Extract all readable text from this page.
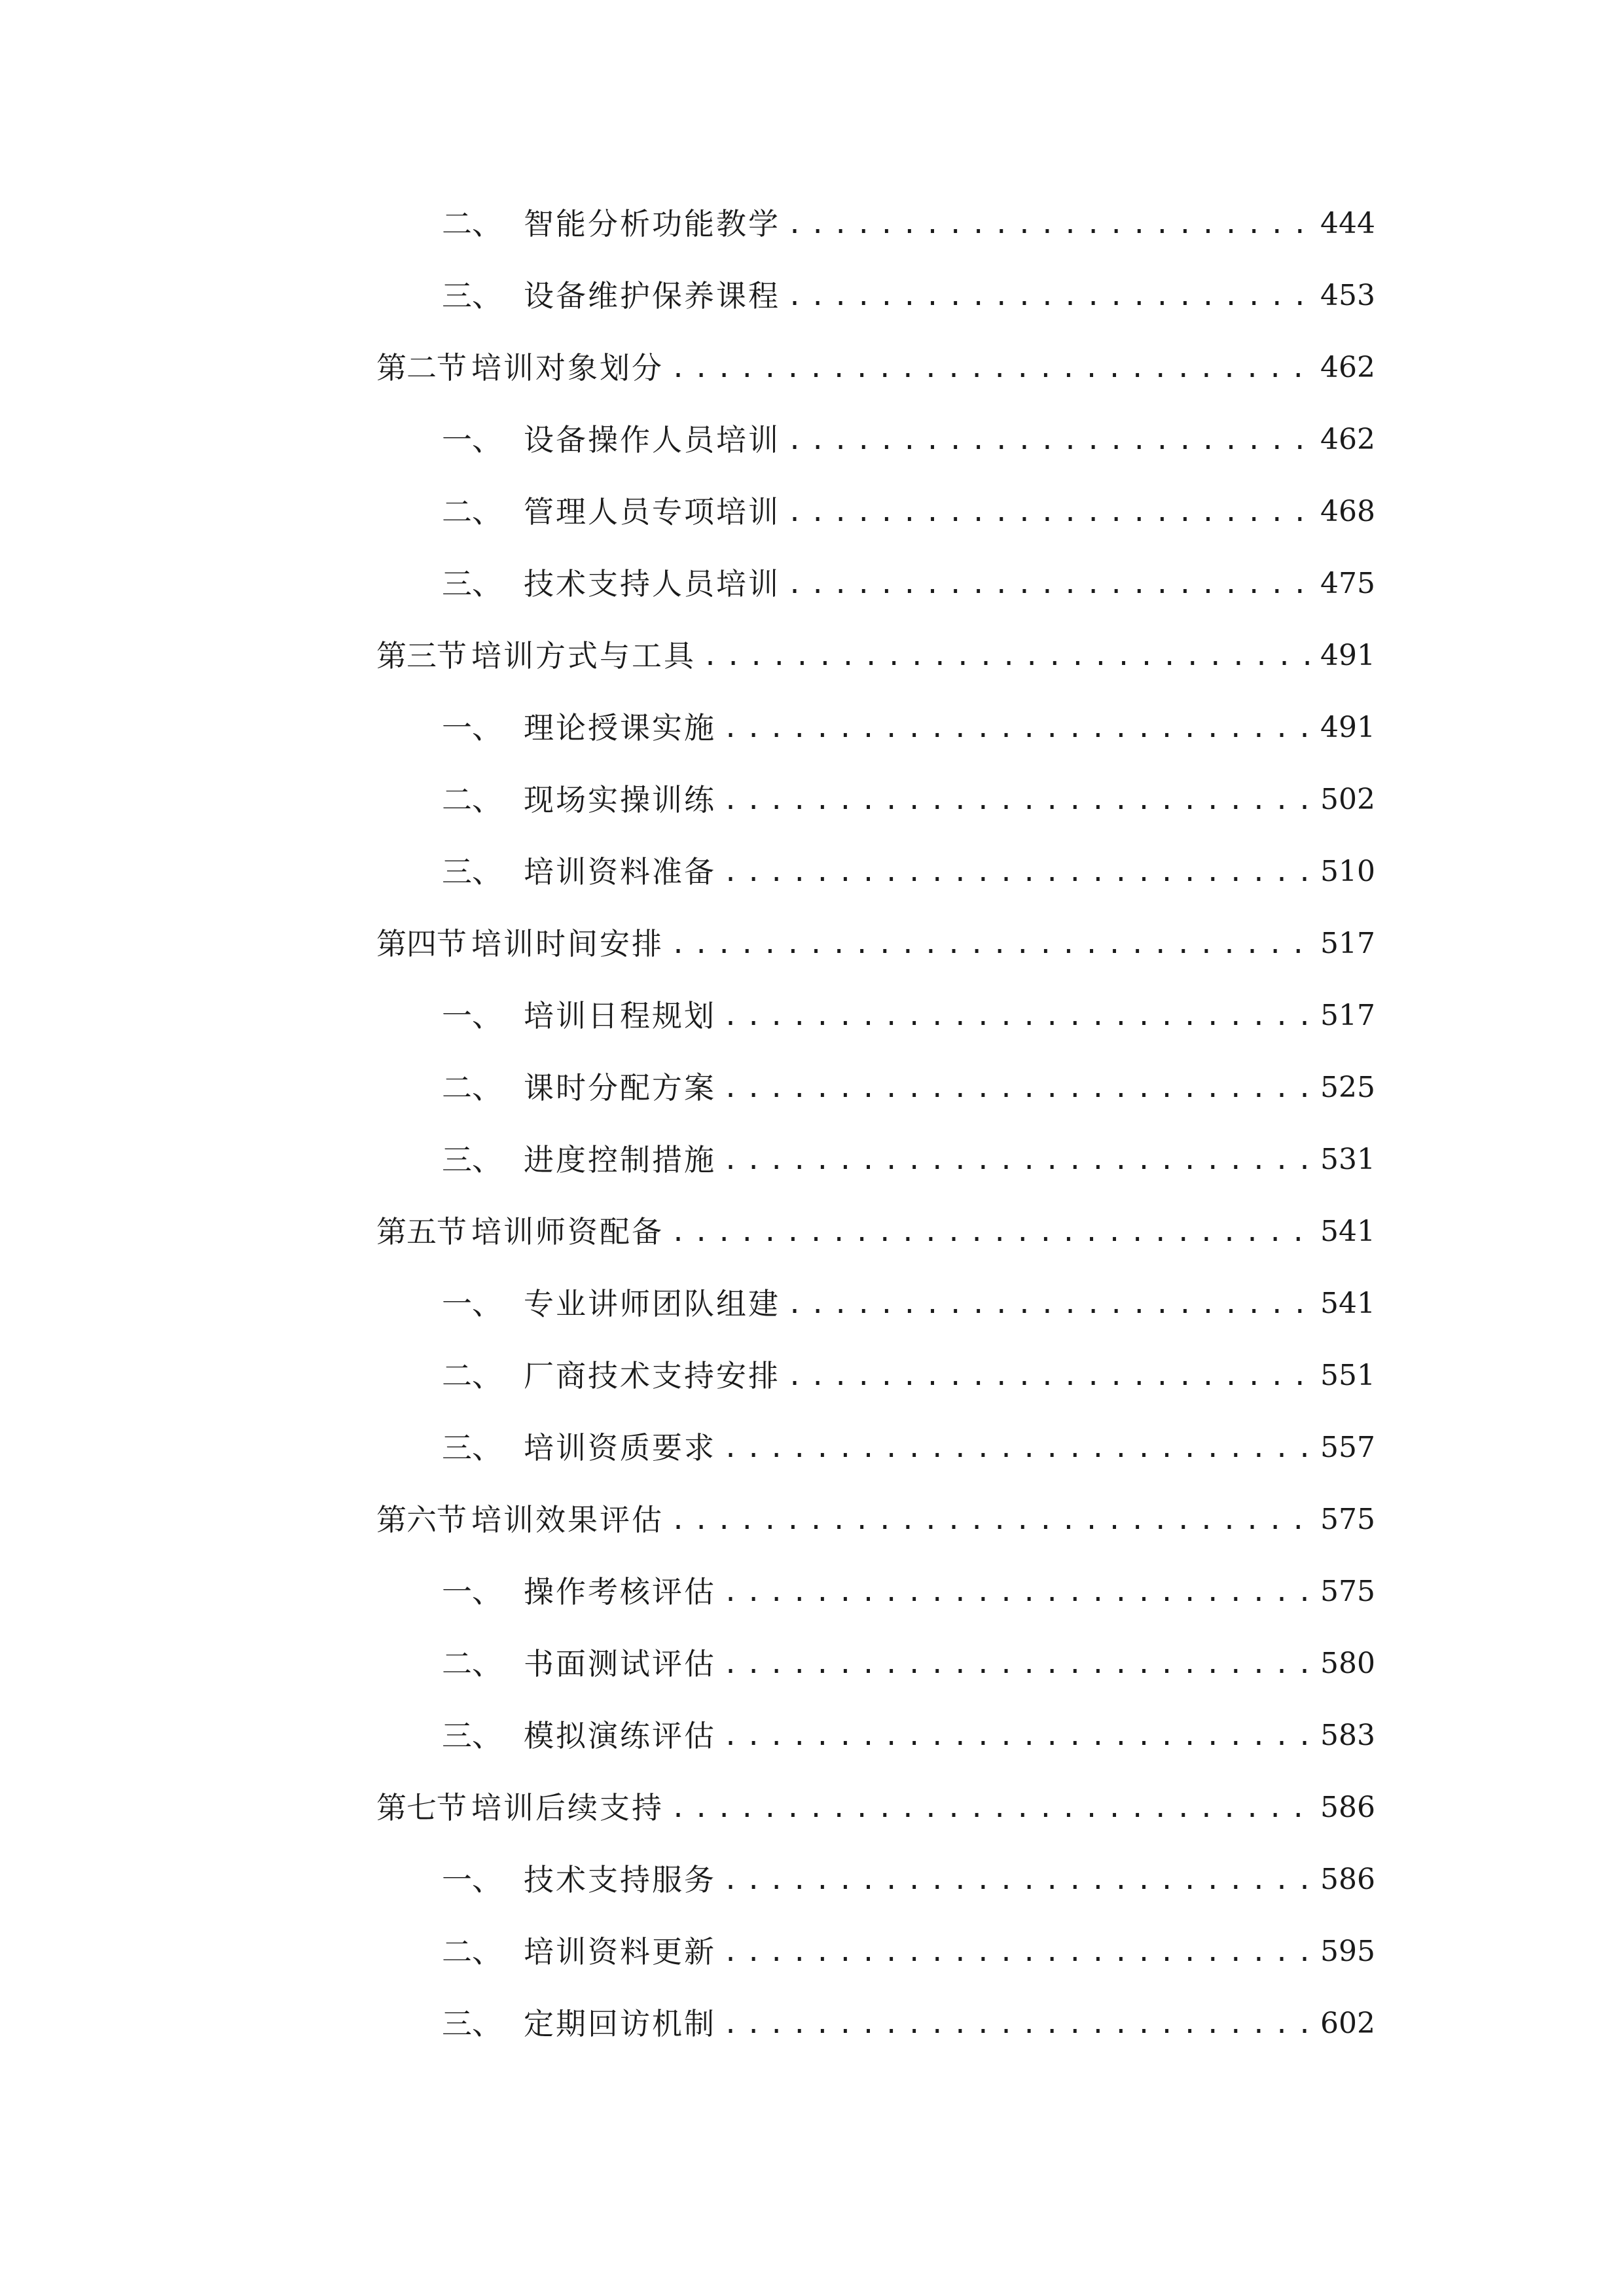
二、 智能分析功能教学 .....	444
三、 设备维护保养课程 .....	453
第二节 培训对象划分 .....	462
一、 设备操作人员培训 .....	462
二、 管理人员专项培训 .....	468
三、 技术支持人员培训 .....	475
第三节 培训方式与工具 .....	491
一、 理论授课实施 .....	491
二、 现场实操训练 .....	502
三、 培训资料准备 .....	510
第四节 培训时间安排 .....	517
一、 培训日程规划 .....	517
二、 课时分配方案 .....	525
三、 进度控制措施 .....	531
第五节 培训师资配备 .....	541
一、 专业讲师团队组建 .....	541
二、 厂商技术支持安排 .....	551
三、 培训资质要求 .....	557
第六节 培训效果评估 .....	575
一、 操作考核评估 .....	575
二、 书面测试评估 .....	580
三、 模拟演练评估 .....	583
第七节 培训后续支持 .....	586
一、 技术支持服务 .....	586
二、 培训资料更新 .....	595
三、 定期回访机制 .....	602
